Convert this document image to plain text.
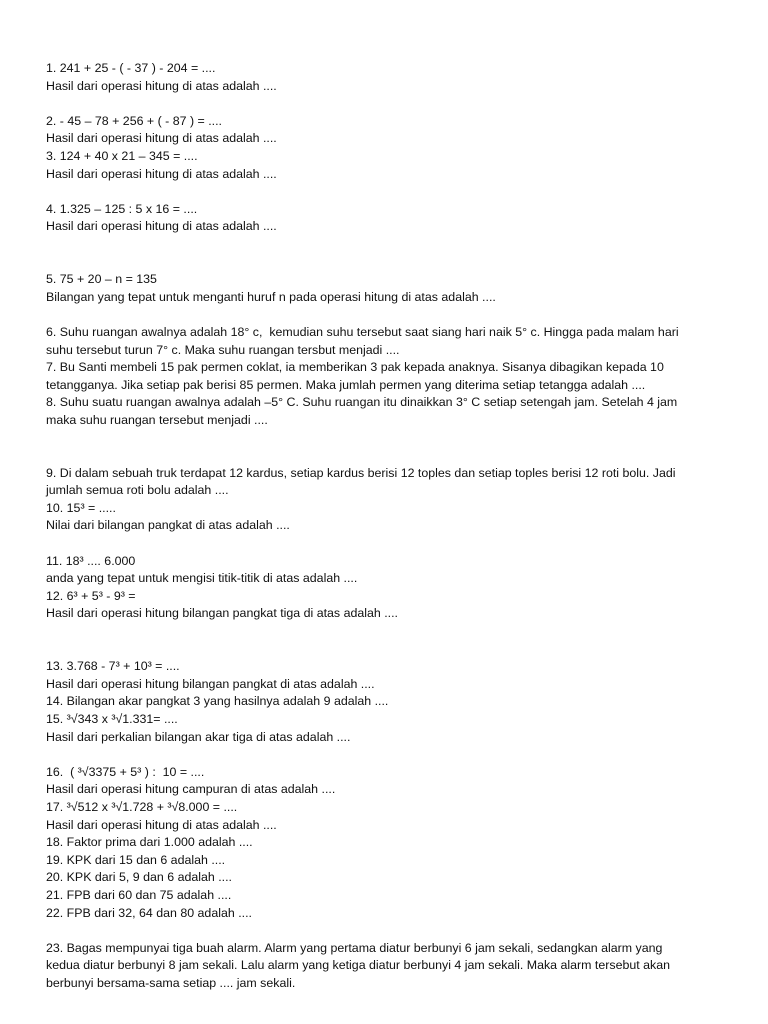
1. 241 + 25 - ( - 37 ) - 204 = ....

Hasil dari operasi hitung di atas adalah ....

2. - 45 – 78 + 256 + ( - 87 ) = ....

Hasil dari operasi hitung di atas adalah ....

3. 124 + 40 x 21 – 345 = ....

Hasil dari operasi hitung di atas adalah ....

4. 1.325 – 125 : 5 x 16 = ....

Hasil dari operasi hitung di atas adalah ....

5. 75 + 20 – n = 135

Bilangan yang tepat untuk menganti huruf n pada operasi hitung di atas adalah ....

6. Suhu ruangan awalnya adalah 18° c,  kemudian suhu tersebut saat siang hari naik 5° c. Hingga pada malam hari

suhu tersebut turun 7° c. Maka suhu ruangan tersbut menjadi ....

7. Bu Santi membeli 15 pak permen coklat, ia memberikan 3 pak kepada anaknya. Sisanya dibagikan kepada 10

tetangganya. Jika setiap pak berisi 85 permen. Maka jumlah permen yang diterima setiap tetangga adalah ....

8. Suhu suatu ruangan awalnya adalah –5° C. Suhu ruangan itu dinaikkan 3° C setiap setengah jam. Setelah 4 jam

maka suhu ruangan tersebut menjadi ....

9. Di dalam sebuah truk terdapat 12 kardus, setiap kardus berisi 12 toples dan setiap toples berisi 12 roti bolu. Jadi

jumlah semua roti bolu adalah ....

10. 15³ = .....

Nilai dari bilangan pangkat di atas adalah ....

11. 18³ .... 6.000

anda yang tepat untuk mengisi titik-titik di atas adalah ....

12. 6³ + 5³ - 9³ =

Hasil dari operasi hitung bilangan pangkat tiga di atas adalah ....

13. 3.768 - 7³ + 10³ = ....

Hasil dari operasi hitung bilangan pangkat di atas adalah ....

14. Bilangan akar pangkat 3 yang hasilnya adalah 9 adalah ....

15. ³√343 x ³√1.331= ....

Hasil dari perkalian bilangan akar tiga di atas adalah ....

16.  ( ³√3375 + 5³ ) :  10 = ....

Hasil dari operasi hitung campuran di atas adalah ....

17. ³√512 x ³√1.728 + ³√8.000 = ....

Hasil dari operasi hitung di atas adalah ....

18. Faktor prima dari 1.000 adalah ....

19. KPK dari 15 dan 6 adalah ....

20. KPK dari 5, 9 dan 6 adalah ....

21. FPB dari 60 dan 75 adalah ....

22. FPB dari 32, 64 dan 80 adalah ....

23. Bagas mempunyai tiga buah alarm. Alarm yang pertama diatur berbunyi 6 jam sekali, sedangkan alarm yang

kedua diatur berbunyi 8 jam sekali. Lalu alarm yang ketiga diatur berbunyi 4 jam sekali. Maka alarm tersebut akan

berbunyi bersama-sama setiap .... jam sekali.
